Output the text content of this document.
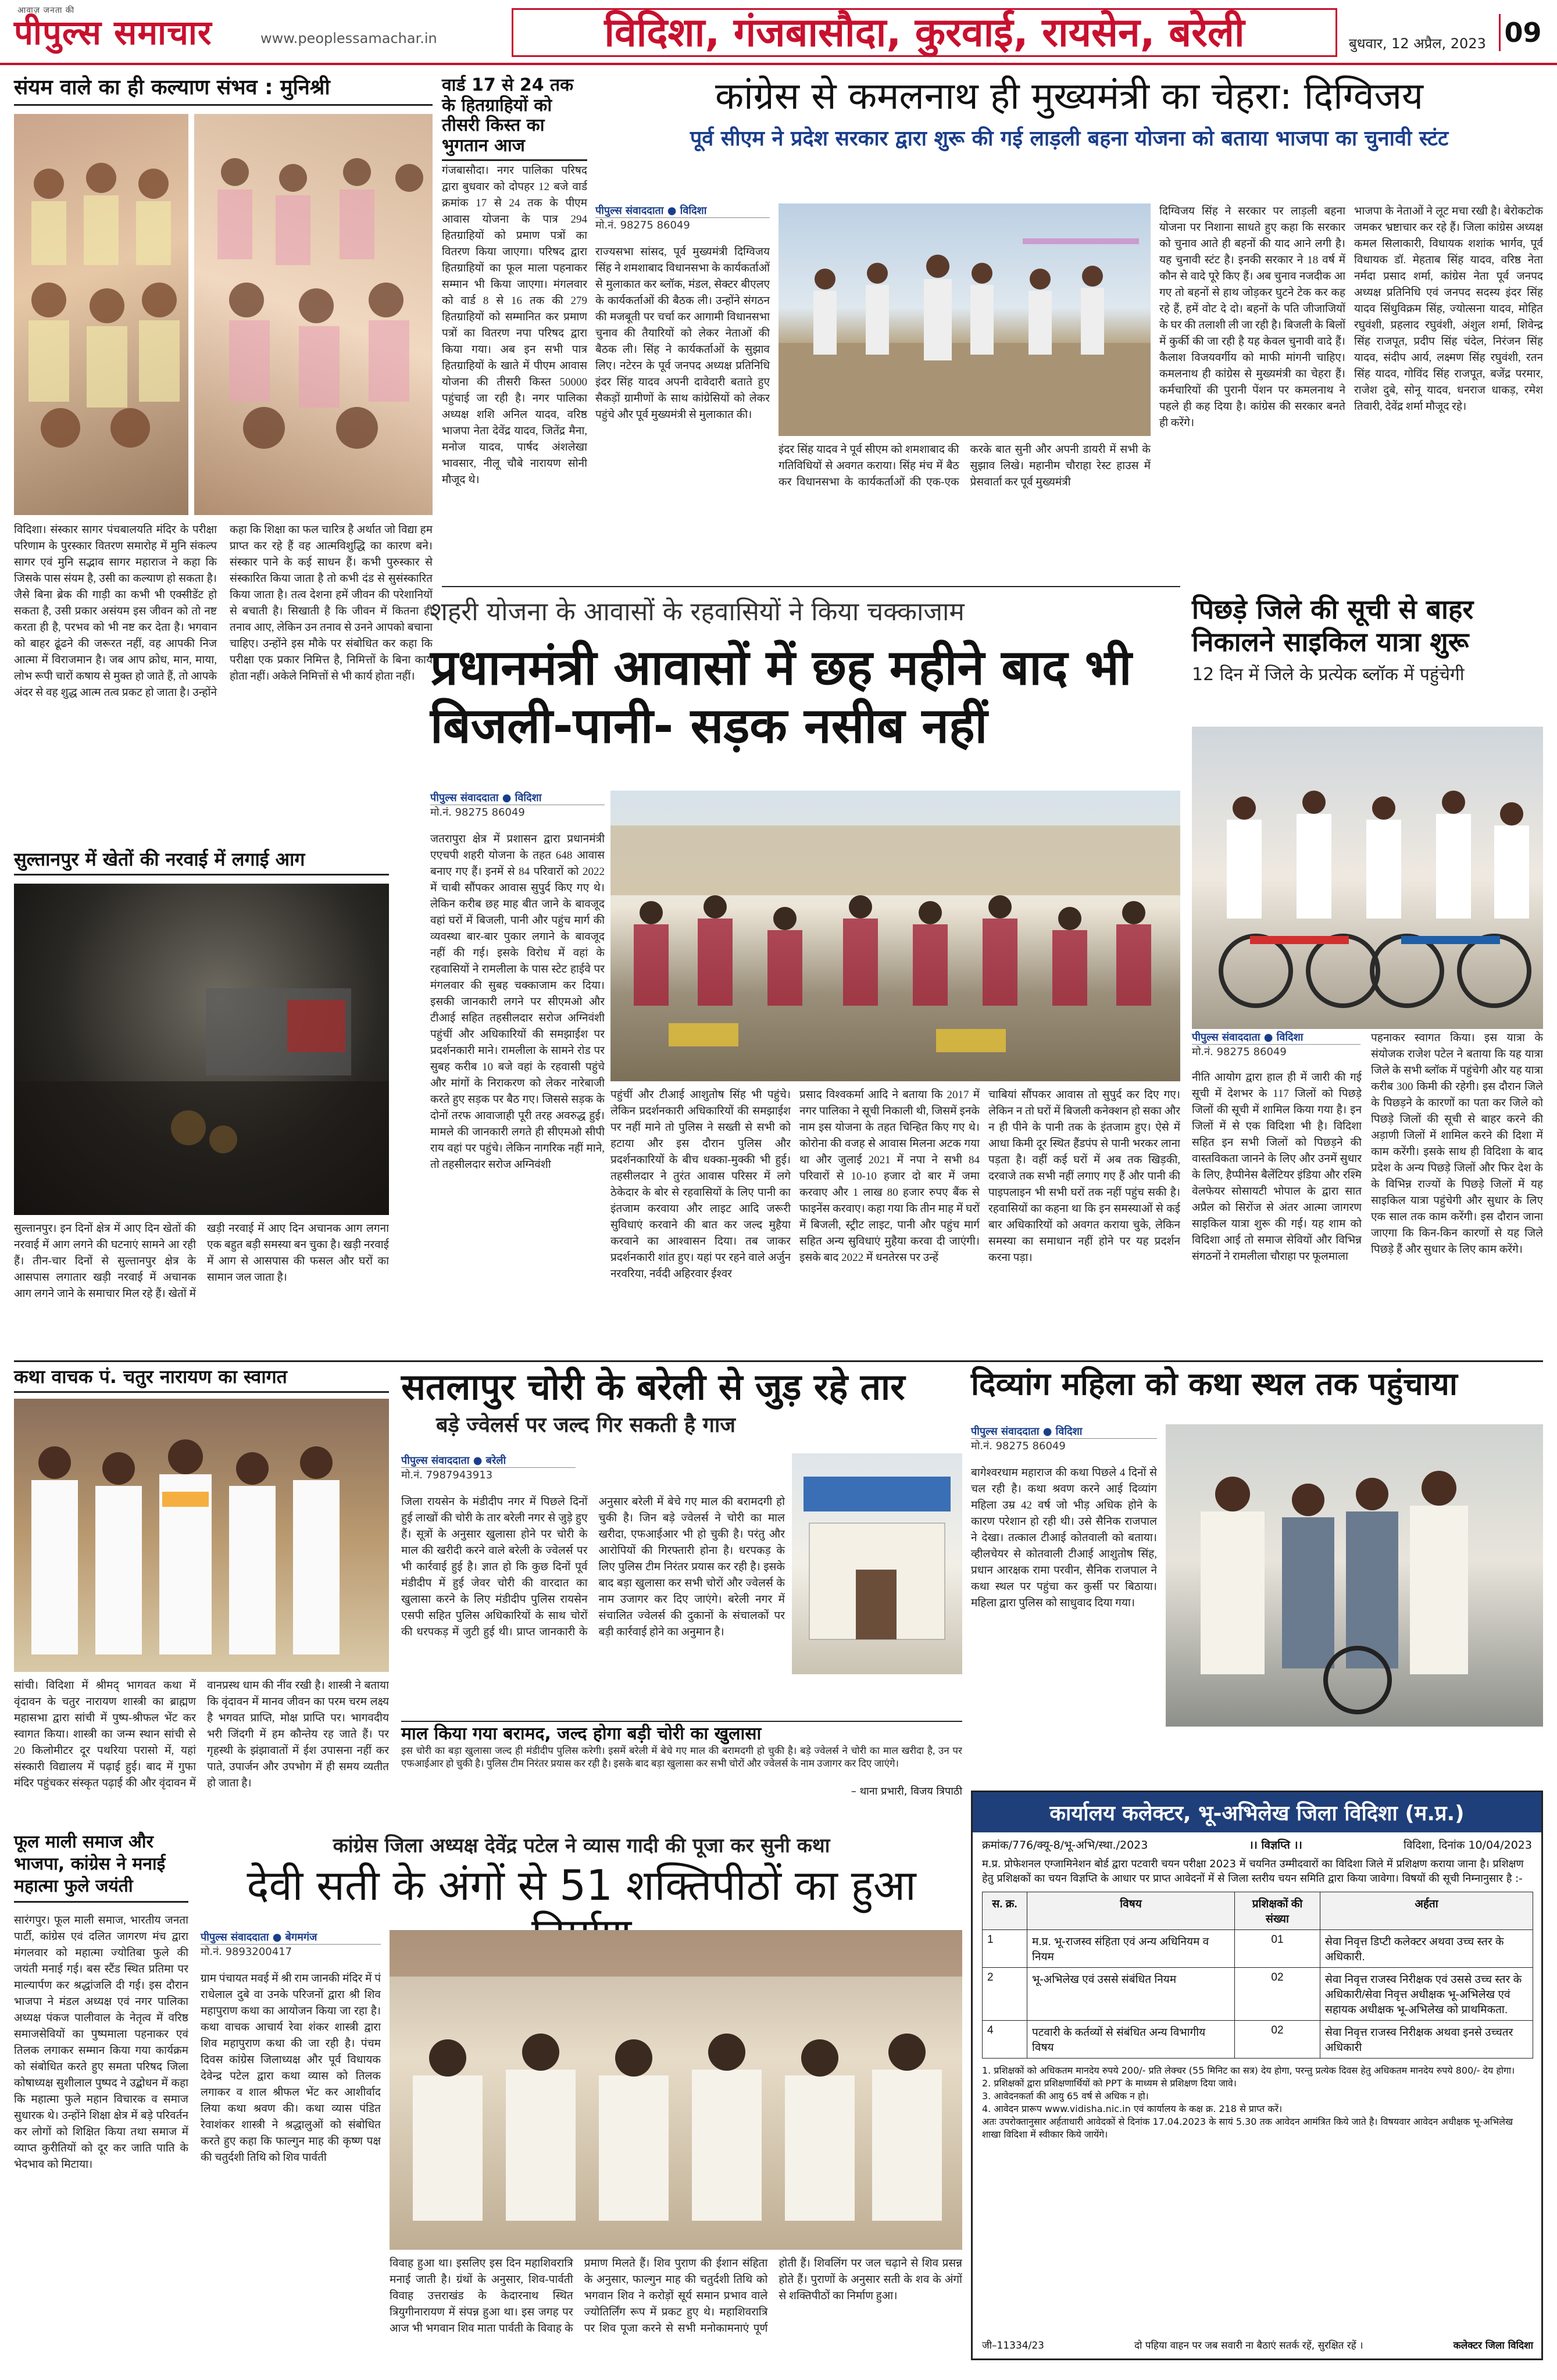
आवाज़ जनता की
पीपुल्स समाचार	www.peoplessamachar.in	विदिशा, गंजबासौदा, कुरवाई, रायसेन, बरेली	बुधवार, 12 अप्रैल, 2023 09
संयम वाले का ही कल्याण संभव : मुनिश्री
विदिशा। संस्कार सागर पंचबालयति मंदिर के परीक्षा परिणाम के पुरस्कार वितरण समारोह में मुनि संकल्प सागर एवं मुनि सद्भाव सागर महाराज ने कहा कि जिसके पास संयम है, उसी का कल्याण हो सकता है। जैसे बिना ब्रेक की गाड़ी का कभी भी एक्सीडेंट हो सकता है, उसी प्रकार असंयम इस जीवन को तो नष्ट करता ही है, परभव को भी नष्ट कर देता है। भगवान को बाहर ढूंढने की जरूरत नहीं, वह आपकी निज आत्मा में विराजमान है। जब आप क्रोध, मान, माया, लोभ रूपी चारों कषाय से मुक्त हो जाते हैं, तो आपके अंदर से वह शुद्ध आत्म तत्व प्रकट हो जाता है। उन्होंने कहा कि शिक्षा का फल चारित्र है अर्थात जो विद्या हम प्राप्त कर रहे हैं वह आत्मविशुद्धि का कारण बने। संस्कार पाने के कई साधन हैं। कभी पुरुस्कार से संस्कारित किया जाता है तो कभी दंड से सुसंस्कारित किया जाता है। तत्व देशना हमें जीवन की परेशानियों से बचाती है। सिखाती है कि जीवन में कितना ही तनाव आए, लेकिन उन तनाव से उनने आपको बचाना चाहिए। उन्होंने इस मौके पर संबोधित कर कहा कि परीक्षा एक प्रकार निमित्त है, निमित्तों के बिना कार्य होता नहीं। अकेले निमित्तों से भी कार्य होता नहीं।
वार्ड 17 से 24 तक के हितग्राहियों को तीसरी किस्त का भुगतान आज
गंजबासौदा। नगर पालिका परिषद द्वारा बुधवार को दोपहर 12 बजे वार्ड क्रमांक 17 से 24 तक के पीएम आवास योजना के पात्र 294 हितग्राहियों को प्रमाण पत्रों का वितरण किया जाएगा। परिषद द्वारा हितग्राहियों का फूल माला पहनाकर सम्मान भी किया जाएगा। मंगलवार को वार्ड 8 से 16 तक की 279 हितग्राहियों को सम्मानित कर प्रमाण पत्रों का वितरण नपा परिषद द्वारा किया गया। अब इन सभी पात्र हितग्राहियों के खाते में पीएम आवास योजना की तीसरी किस्त 50000 पहुंचाई जा रही है। नगर पालिका अध्यक्ष शशि अनिल यादव, वरिष्ठ भाजपा नेता देवेंद्र यादव, जितेंद्र मैना, मनोज यादव, पार्षद अंशलेखा भावसार, नीलू चौबे नारायण सोनी मौजूद थे।
कांग्रेस से कमलनाथ ही मुख्यमंत्री का चेहरा: दिग्विजय
पूर्व सीएम ने प्रदेश सरकार द्वारा शुरू की गई लाड़ली बहना योजना को बताया भाजपा का चुनावी स्टंट
पीपुल्स संवाददाता ● विदिशा
मो.नं. 98275 86049
राज्यसभा सांसद, पूर्व मुख्यमंत्री दिग्विजय सिंह ने शमशाबाद विधानसभा के कार्यकर्ताओं से मुलाकात कर ब्लॉक, मंडल, सेक्टर बीएलए के कार्यकर्ताओं की बैठक ली। उन्होंने संगठन की मजबूती पर चर्चा कर आगामी विधानसभा चुनाव की तैयारियों को लेकर नेताओं की बैठक ली। सिंह ने कार्यकर्ताओं के सुझाव लिए। नटेरन के पूर्व जनपद अध्यक्ष प्रतिनिधि इंदर सिंह यादव अपनी दावेदारी बताते हुए सैकड़ों ग्रामीणों के साथ कांग्रेसियों को लेकर पहुंचे और पूर्व मुख्यमंत्री से मुलाकात की।
इंदर सिंह यादव ने पूर्व सीएम को शमशाबाद की गतिविधियों से अवगत कराया। सिंह मंच में बैठ कर विधानसभा के कार्यकर्ताओं की एक-एक करके बात सुनी और अपनी डायरी में सभी के सुझाव लिखे। महानीम चौराहा रेस्ट हाउस में प्रेसवार्ता कर पूर्व मुख्यमंत्री
दिग्विजय सिंह ने सरकार पर लाड़ली बहना योजना पर निशाना साधते हुए कहा कि सरकार को चुनाव आते ही बहनों की याद आने लगी है। यह चुनावी स्टंट है। इनकी सरकार ने 18 वर्ष में कौन से वादे पूरे किए हैं। अब चुनाव नजदीक आ गए तो बहनों से हाथ जोड़कर घुटने टेक कर कह रहे हैं, हमें वोट दे दो। बहनों के पति जीजाजियों के घर की तलाशी ली जा रही है। बिजली के बिलों में कुर्की की जा रही है यह केवल चुनावी वादे हैं। कैलाश विजयवर्गीय को माफी मांगनी चाहिए। कमलनाथ ही कांग्रेस से मुख्यमंत्री का चेहरा हैं। कर्मचारियों की पुरानी पेंशन पर कमलनाथ ने पहले ही कह दिया है। कांग्रेस की सरकार बनते ही करेंगे।
भाजपा के नेताओं ने लूट मचा रखी है। बेरोकटोक जमकर भ्रष्टाचार कर रहे हैं। जिला कांग्रेस अध्यक्ष कमल सिलाकारी, विधायक शशांक भार्गव, पूर्व विधायक डॉ. मेहताब सिंह यादव, वरिष्ठ नेता नर्मदा प्रसाद शर्मा, कांग्रेस नेता पूर्व जनपद अध्यक्ष प्रतिनिधि एवं जनपद सदस्य इंदर सिंह यादव सिंधुविक्रम सिंह, ज्योत्सना यादव, मोहित रघुवंशी, प्रहलाद रघुवंशी, अंशुल शर्मा, शिवेन्द्र सिंह राजपूत, प्रदीप सिंह चंदेल, निरंजन सिंह यादव, संदीप आर्य, लक्ष्मण सिंह रघुवंशी, रतन सिंह यादव, गोविंद सिंह राजपूत, बजेंद्र परमार, राजेश दुबे, सोनू यादव, धनराज धाकड़, रमेश तिवारी, देवेंद्र शर्मा मौजूद रहे।
शहरी योजना के आवासों के रहवासियों ने किया चक्काजाम
प्रधानमंत्री आवासों में छह महीने बाद भी बिजली-पानी- सड़क नसीब नहीं
पीपुल्स संवाददाता ● विदिशा
मो.नं. 98275 86049
जतरापुरा क्षेत्र में प्रशासन द्वारा प्रधानमंत्री एएचपी शहरी योजना के तहत 648 आवास बनाए गए हैं। इनमें से 84 परिवारों को 2022 में चाबी सौंपकर आवास सुपुर्द किए गए थे। लेकिन करीब छह माह बीत जाने के बावजूद वहां घरों में बिजली, पानी और पहुंच मार्ग की व्यवस्था बार-बार पुकार लगाने के बावजूद नहीं की गई। इसके विरोध में वहां के रहवासियों ने रामलीला के पास स्टेट हाईवे पर मंगलवार की सुबह चक्काजाम कर दिया। इसकी जानकारी लगने पर सीएमओ और टीआई सहित तहसीलदार सरोज अग्निवंशी पहुंचीं और अधिकारियों की समझाईश पर प्रदर्शनकारी माने। रामलीला के सामने रोड पर सुबह करीब 10 बजे वहां के रहवासी पहुंचे और मांगों के निराकरण को लेकर नारेबाजी करते हुए सड़क पर बैठ गए। जिससे सड़क के दोनों तरफ आवाजाही पूरी तरह अवरुद्ध हुई। मामले की जानकारी लगते ही सीएमओ सीपी राय वहां पर पहुंचे। लेकिन नागरिक नहीं माने, तो तहसीलदार सरोज अग्निवंशी
पहुंचीं और टीआई आशुतोष सिंह भी पहुंचे। लेकिन प्रदर्शनकारी अधिकारियों की समझाईश पर नहीं माने तो पुलिस ने सख्ती से सभी को हटाया और इस दौरान पुलिस और प्रदर्शनकारियों के बीच धक्का-मुक्की भी हुई। तहसीलदार ने तुरंत आवास परिसर में लगे ठेकेदार के बोर से रहवासियों के लिए पानी का इंतजाम करवाया और लाइट आदि जरूरी सुविधाएं करवाने की बात कर जल्द मुहैया करवाने का आश्वासन दिया। तब जाकर प्रदर्शनकारी शांत हुए। यहां पर रहने वाले अर्जुन नरवरिया, नर्वदी अहिरवार ईश्वर
प्रसाद विश्वकर्मा आदि ने बताया कि 2017 में नगर पालिका ने सूची निकाली थी, जिसमें इनके नाम इस योजना के तहत चिन्हित किए गए थे। कोरोना की वजह से आवास मिलना अटक गया था और जुलाई 2021 में नपा ने सभी 84 परिवारों से 10-10 हजार दो बार में जमा करवाए और 1 लाख 80 हजार रुपए बैंक से फाइनेंस करवाए। कहा गया कि तीन माह में घरों में बिजली, स्ट्रीट लाइट, पानी और पहुंच मार्ग सहित अन्य सुविधाएं मुहैया करवा दी जाएंगी। इसके बाद 2022 में धनतेरस पर उन्हें
चाबियां सौंपकर आवास तो सुपुर्द कर दिए गए। लेकिन न तो घरों में बिजली कनेक्शन हो सका और न ही पीने के पानी तक के इंतजाम हुए। ऐसे में आधा किमी दूर स्थित हैंडपंप से पानी भरकर लाना पड़ता है। वहीं कई घरों में अब तक खिड़की, दरवाजे तक सभी नहीं लगाए गए हैं और पानी की पाइपलाइन भी सभी घरों तक नहीं पहुंच सकी है। रहवासियों का कहना था कि इन समस्याओं से कई बार अधिकारियों को अवगत कराया चुके, लेकिन समस्या का समाधान नहीं होने पर यह प्रदर्शन करना पड़ा।
पिछड़े जिले की सूची से बाहर निकालने साइकिल यात्रा शुरू
12 दिन में जिले के प्रत्येक ब्लॉक में पहुंचेगी
पीपुल्स संवाददाता ● विदिशा
मो.नं. 98275 86049
नीति आयोग द्वारा हाल ही में जारी की गई सूची में देशभर के 117 जिलों को पिछड़े जिलों की सूची में शामिल किया गया है। इन जिलों में से एक विदिशा भी है। विदिशा सहित इन सभी जिलों को पिछड़ने की वास्तविकता जानने के लिए और उनमें सुधार के लिए, हैप्पीनेस बैलेंटियर इंडिया और रश्मि वेलफेयर सोसायटी भोपाल के द्वारा सात अप्रैल को सिरोंज से अंतर आत्मा जागरण साइकिल यात्रा शुरू की गई। यह शाम को विदिशा आई तो समाज सेवियों और विभिन्न संगठनों ने रामलीला चौराहा पर फूलमाला
पहनाकर स्वागत किया। इस यात्रा के संयोजक राजेश पटेल ने बताया कि यह यात्रा जिले के सभी ब्लॉक में पहुंचेगी और यह यात्रा करीब 300 किमी की रहेगी। इस दौरान जिले के पिछड़ने के कारणों का पता कर जिले को पिछड़े जिलों की सूची से बाहर करने की अड़ाणी जिलों में शामिल करने की दिशा में काम करेंगी। इसके साथ ही विदिशा के बाद प्रदेश के अन्य पिछड़े जिलों और फिर देश के के विभिन्न राज्यों के पिछड़े जिलों में यह साइकिल यात्रा पहुंचेगी और सुधार के लिए एक साल तक काम करेंगी। इस दौरान जाना जाएगा कि किन-किन कारणों से यह जिले पिछड़े हैं और सुधार के लिए काम करेंगे।
सुल्तानपुर में खेतों की नरवाई में लगाई आग
सुल्तानपुर। इन दिनों क्षेत्र में आए दिन खेतों की नरवाई में आग लगने की घटनाएं सामने आ रही हैं। तीन-चार दिनों से सुल्तानपुर क्षेत्र के आसपास लगातार खड़ी नरवाई में अचानक आग लगने जाने के समाचार मिल रहे हैं। खेतों में खड़ी नरवाई में आए दिन अचानक आग लगना एक बहुत बड़ी समस्या बन चुका है। खड़ी नरवाई में आग से आसपास की फसल और घरों का सामान जल जाता है।
कथा वाचक पं. चतुर नारायण का स्वागत
सांची। विदिशा में श्रीमद् भागवत कथा में वृंदावन के चतुर नारायण शास्त्री का ब्राह्मण महासभा द्वारा सांची में पुष्प-श्रीफल भेंट कर स्वागत किया। शास्त्री का जन्म स्थान सांची से 20 किलोमीटर दूर पथरिया परासो में, यहां संस्कारी विद्यालय में पढ़ाई हुई। बाद में गुफा मंदिर पहुंचकर संस्कृत पढ़ाई की और वृंदावन में वानप्रस्थ धाम की नींव रखी है। शास्त्री ने बताया कि वृंदावन में मानव जीवन का परम चरम लक्ष्य है भगवत प्राप्ति, मोक्ष प्राप्ति पर। भागवदीय भरी जिंदगी में हम कौन्तेय रह जाते हैं। पर गृहस्थी के झंझावातों में ईश उपासना नहीं कर पाते, उपार्जन और उपभोग में ही समय व्यतीत हो जाता है।
सतलापुर चोरी के बरेली से जुड़ रहे तार
बड़े ज्वेलर्स पर जल्द गिर सकती है गाज
पीपुल्स संवाददाता ● बरेली
मो.नं. 7987943913
जिला रायसेन के मंडीदीप नगर में पिछले दिनों हुई लाखों की चोरी के तार बरेली नगर से जुड़े हुए हैं। सूत्रों के अनुसार खुलासा होने पर चोरी के माल की खरीदी करने वाले बरेली के ज्वेलर्स पर भी कार्रवाई हुई है। ज्ञात हो कि कुछ दिनों पूर्व मंडीदीप में हुई जेवर चोरी की वारदात का खुलासा करने के लिए मंडीदीप पुलिस रायसेन एसपी सहित पुलिस अधिकारियों के साथ चोरों की धरपकड़ में जुटी हुई थी। प्राप्त जानकारी के अनुसार बरेली में बेचे गए माल की बरामदगी हो चुकी है। जिन बड़े ज्वेलर्स ने चोरी का माल खरीदा, एफआईआर भी हो चुकी है। परंतु और आरोपियों की गिरफ्तारी होना है। धरपकड़ के लिए पुलिस टीम निरंतर प्रयास कर रही है। इसके बाद बड़ा खुलासा कर सभी चोरों और ज्वेलर्स के नाम उजागर कर दिए जाएंगे। बरेली नगर में संचालित ज्वेलर्स की दुकानों के संचालकों पर बड़ी कार्रवाई होने का अनुमान है।
माल किया गया बरामद, जल्द होगा बड़ी चोरी का खुलासा
इस चोरी का बड़ा खुलासा जल्द ही मंडीदीप पुलिस करेगी। इसमें बरेली में बेचे गए माल की बरामदगी हो चुकी है। बड़े ज्वेलर्स ने चोरी का माल खरीदा है, उन पर एफआईआर हो चुकी है। पुलिस टीम निरंतर प्रयास कर रही है। इसके बाद बड़ा खुलासा कर सभी चोरों और ज्वेलर्स के नाम उजागर कर दिए जाएंगे।
– थाना प्रभारी, विजय त्रिपाठी
दिव्यांग महिला को कथा स्थल तक पहुंचाया
पीपुल्स संवाददाता ● विदिशा
मो.नं. 98275 86049
बागेश्वरधाम महाराज की कथा पिछले 4 दिनों से चल रही है। कथा श्रवण करने आई दिव्यांग महिला उम्र 42 वर्ष जो भीड़ अधिक होने के कारण परेशान हो रही थी। उसे सैनिक राजपाल ने देखा। तत्काल टीआई कोतवाली को बताया। व्हीलचेयर से कोतवाली टीआई आशुतोष सिंह, प्रधान आरक्षक रामा परवीन, सैनिक राजपाल ने कथा स्थल पर पहुंचा कर कुर्सी पर बिठाया। महिला द्वारा पुलिस को साधुवाद दिया गया।
कार्यालय कलेक्टर, भू-अभिलेख जिला विदिशा (म.प्र.)
क्रमांक/776/क्यू-8/भू-अभि/स्था./2023	।। विज्ञप्ति ।।	विदिशा, दिनांक 10/04/2023
म.प्र. प्रोफेशनल एग्जामिनेशन बोर्ड द्वारा पटवारी चयन परीक्षा 2023 में चयनित उम्मीदवारों का विदिशा जिले में प्रशिक्षण कराया जाना है। प्रशिक्षण हेतु प्रशिक्षकों का चयन विज्ञप्ति के आधार पर प्राप्त आवेदनों में से जिला स्तरीय चयन समिति द्वारा किया जावेगा। विषयों की सूची निम्नानुसार है :-
स. क्र.	विषय	प्रशिक्षकों की संख्या	अर्हता
1	म.प्र. भू-राजस्व संहिता एवं अन्य अधिनियम व नियम	01	सेवा निवृत्त डिप्टी कलेक्टर अथवा उच्च स्तर के अधिकारी.
2	भू-अभिलेख एवं उससे संबंधित नियम	02	सेवा निवृत्त राजस्व निरीक्षक एवं उससे उच्च स्तर के अधिकारी/सेवा निवृत्त अधीक्षक भू-अभिलेख एवं सहायक अधीक्षक भू-अभिलेख को प्राथमिकता.
4	पटवारी के कर्तव्यों से संबंधित अन्य विभागीय विषय	02	सेवा निवृत्त राजस्व निरीक्षक अथवा इनसे उच्चतर अधिकारी
1. प्रशिक्षकों को अधिकतम मानदेय रुपये 200/- प्रति लेक्चर (55 मिनिट का सत्र) देय होगा, परन्तु प्रत्येक दिवस हेतु अधिकतम मानदेय रुपये 800/- देय होगा।
2. प्रशिक्षकों द्वारा प्रशिक्षणार्थियों को PPT के माध्यम से प्रशिक्षण दिया जावे।
3. आवेदनकर्ता की आयु 65 वर्ष से अधिक न हो।
4. आवेदन प्रारूप www.vidisha.nic.in एवं कार्यालय के कक्ष क्र. 218 से प्राप्त करें।
अतः उपरोक्तानुसार अर्हताधारी आवेदकों से दिनांक 17.04.2023 के सायं 5.30 तक आवेदन आमंत्रित किये जाते है। विषयवार आवेदन अधीक्षक भू-अभिलेख शाखा विदिशा में स्वीकार किये जायेंगे।
जी–11334/23	दो पहिया वाहन पर जब सवारी ना बैठाएं सतर्क रहें, सुरक्षित रहें ।	कलेक्टर जिला विदिशा
फूल माली समाज और भाजपा, कांग्रेस ने मनाई महात्मा फुले जयंती
सारंगपुर। फूल माली समाज, भारतीय जनता पार्टी, कांग्रेस एवं दलित जागरण मंच द्वारा मंगलवार को महात्मा ज्योतिबा फुले की जयंती मनाई गई। बस स्टैंड स्थित प्रतिमा पर माल्यार्पण कर श्रद्धांजलि दी गई। इस दौरान भाजपा ने मंडल अध्यक्ष एवं नगर पालिका अध्यक्ष पंकज पालीवाल के नेतृत्व में वरिष्ठ समाजसेवियों का पुष्पमाला पहनाकर एवं तिलक लगाकर सम्मान किया गया कार्यक्रम को संबोधित करते हुए समता परिषद जिला कोषाध्यक्ष सुशीलाल पुष्पद ने उद्बोधन में कहा कि महात्मा फुले महान विचारक व समाज सुधारक थे। उन्होंने शिक्षा क्षेत्र में बड़े परिवर्तन कर लोगों को शिक्षित किया तथा समाज में व्याप्त कुरीतियों को दूर कर जाति पाति के भेदभाव को मिटाया।
कांग्रेस जिला अध्यक्ष देवेंद्र पटेल ने व्यास गादी की पूजा कर सुनी कथा
देवी सती के अंगों से 51 शक्तिपीठों का हुआ
पीपुल्स संवाददाता ● बेगमगंज
मो.नं. 9893200417
ग्राम पंचायत मवई में श्री राम जानकी मंदिर में पं राधेलाल दुबे वा उनके परिजनों द्वारा श्री शिव महापुराण कथा का आयोजन किया जा रहा है। कथा वाचक आचार्य रेवा शंकर शास्त्री द्वारा शिव महापुराण कथा की जा रही है। पंचम दिवस कांग्रेस जिलाध्यक्ष और पूर्व विधायक देवेन्द्र पटेल द्वारा कथा व्यास को तिलक लगाकर व शाल श्रीफल भेंट कर आशीर्वाद लिया कथा श्रवण की। कथा व्यास पंडित रेवाशंकर शास्त्री ने श्रद्धालुओं को संबोधित करते हुए कहा कि फाल्गुन माह की कृष्ण पक्ष की चतुर्दशी तिथि को शिव पार्वती
विवाह हुआ था। इसलिए इस दिन महाशिवरात्रि मनाई जाती है। ग्रंथों के अनुसार, शिव-पार्वती विवाह उत्तराखंड के केदारनाथ स्थित त्रियुगीनारायण में संपन्न हुआ था। इस जगह पर आज भी भगवान शिव माता पार्वती के विवाह के प्रमाण मिलते हैं। शिव पुराण की ईशान संहिता के अनुसार, फाल्गुन माह की चतुर्दशी तिथि को भगवान शिव ने करोड़ों सूर्य समान प्रभाव वाले ज्योतिर्लिंग रूप में प्रकट हुए थे। महाशिवरात्रि पर शिव पूजा करने से सभी मनोकामनाएं पूर्ण होती हैं। शिवलिंग पर जल चढ़ाने से शिव प्रसन्न होते हैं। पुराणों के अनुसार सती के शव के अंगों से शक्तिपीठों का निर्माण हुआ।
